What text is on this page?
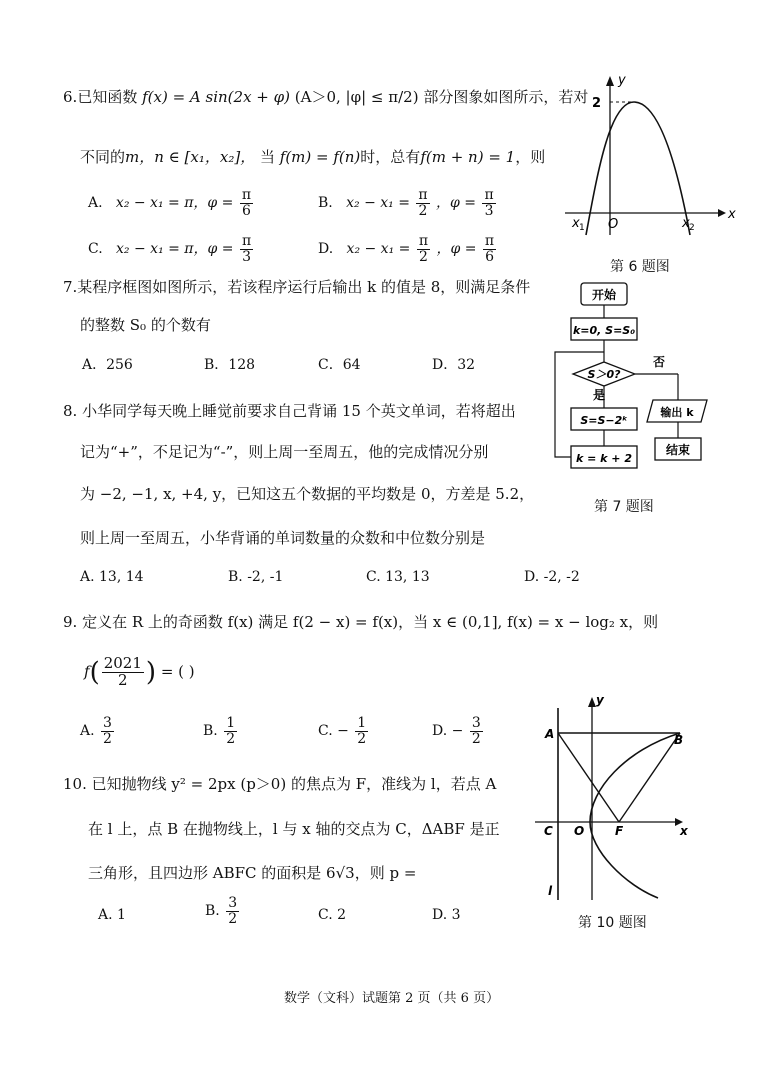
6.已知函数 f(x) = A sin(2x + φ) (A＞0, |φ| ≤ π/2) 部分图象如图所示，若对
不同的m，n ∈ [x₁，x₂]， 当 f(m) = f(n)时，总有f(m + n) = 1，则
A. x₂ − x₁ = π，$\varphi = \frac{\pi}{6}$	B. $x_2 - x_1 = \frac{\pi}{2}$ ，$\varphi = \frac{\pi}{3}$
C. x₂ − x₁ = π，$\varphi = \frac{\pi}{3}$	D. $x_2 - x_1 = \frac{\pi}{2}$ ，$\varphi = \frac{\pi}{6}$
y
2
x
x 1 O	x 2
第 6 题图
7.某程序框图如图所示，若该程序运行后输出 k 的值是 8，则满足条件
的整数 S₀ 的个数有
A．256	B．128	C．64	D．32
开始
k=0, S=S₀
S＞0?
否
是
S=S−2ᵏ
输出 k
结束
k = k + 2
第 7 题图
8. 小华同学每天晚上睡觉前要求自己背诵 15 个英文单词，若将超出
记为“+”，不足记为“-”，则上周一至周五，他的完成情况分别
为 −2, −1, x, +4, y，已知这五个数据的平均数是 0，方差是 5.2，
则上周一至周五，小华背诵的单词数量的众数和中位数分别是
A. 13, 14	B. -2, -1	C. 13, 13	D. -2, -2
9. 定义在 R 上的奇函数 f(x) 满足 f(2 − x) = f(x)，当 x ∈ (0,1], f(x) = x − log₂ x，则
$f( \frac{2021}{2}$ ) = ( )
A. $\frac{3}{2}$	B. $\frac{1}{2}$	C. − $\frac{1}{2}$	D. − $\frac{3}{2}$
10. 已知抛物线 y² = 2px (p＞0) 的焦点为 F，准线为 l，若点 A
在 l 上，点 B 在抛物线上，l 与 x 轴的交点为 C，ΔABF 是正
三角形，且四边形 ABFC 的面积是 6√3，则 p =
A. 1	B. $\frac{3}{2}$	C. 2	D. 3
y
A	B
C O	F	x
l
第 10 题图
数学（文科）试题第 2 页（共 6 页）
